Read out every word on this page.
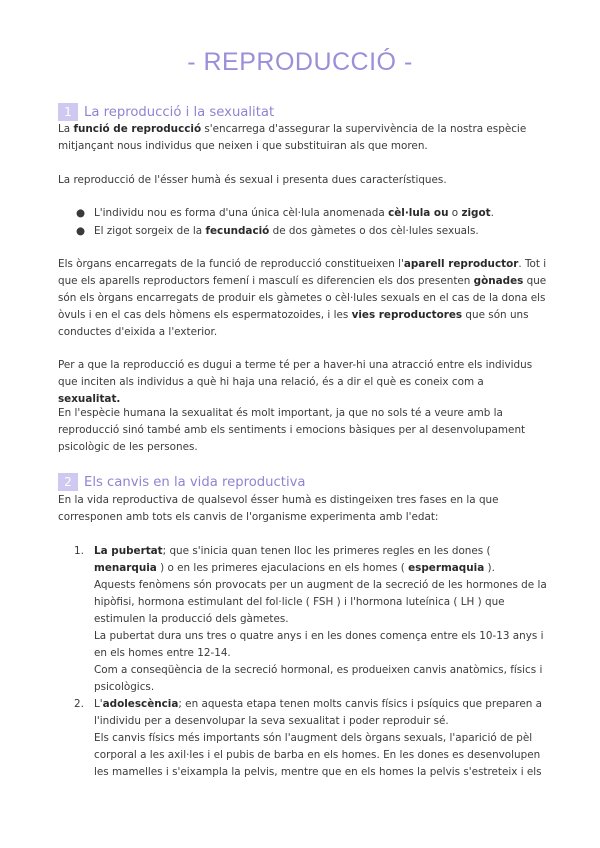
- REPRODUCCIÓ -
1 La reproducció i la sexualitat
La funció de reproducció s'encarrega d'assegurar la supervivència de la nostra espècie mitjançant nous individus que neixen i que substituiran als que moren.
La reproducció de l'ésser humà és sexual i presenta dues característiques.
● L'individu nou es forma d'una única cèl·lula anomenada cèl·lula ou o zigot.
● El zigot sorgeix de la fecundació de dos gàmetes o dos cèl·lules sexuals.
Els òrgans encarregats de la funció de reproducció constitueixen l'aparell reproductor. Tot i que els aparells reproductors femení i masculí es diferencien els dos presenten gònades que són els òrgans encarregats de produir els gàmetes o cèl·lules sexuals en el cas de la dona els òvuls i en el cas dels hòmens els espermatozoides, i les vies reproductores que són uns conductes d'eixida a l'exterior.
Per a que la reproducció es dugui a terme té per a haver-hi una atracció entre els individus que inciten als individus a què hi haja una relació, és a dir el què es coneix com a sexualitat.
En l'espècie humana la sexualitat és molt important, ja que no sols té a veure amb la reproducció sinó també amb els sentiments i emocions bàsiques per al desenvolupament psicològic de les persones.
2 Els canvis en la vida reproductiva
En la vida reproductiva de qualsevol ésser humà es distingeixen tres fases en la que corresponen amb tots els canvis de l'organisme experimenta amb l'edat:
1. La pubertat; que s'inicia quan tenen lloc les primeres regles en les dones ( menarquia ) o en les primeres ejaculacions en els homes ( espermaquia ).
Aquests fenòmens són provocats per un augment de la secreció de les hormones de la hipòfisi, hormona estimulant del fol·licle ( FSH ) i l'hormona luteínica ( LH ) que estimulen la producció dels gàmetes.
La pubertat dura uns tres o quatre anys i en les dones comença entre els 10-13 anys i en els homes entre 12-14.
Com a conseqüència de la secreció hormonal, es produeixen canvis anatòmics, físics i psicològics.
2. L'adolescència; en aquesta etapa tenen molts canvis físics i psíquics que preparen a l'individu per a desenvolupar la seva sexualitat i poder reproduir sé.
Els canvis físics més importants són l'augment dels òrgans sexuals, l'aparició de pèl corporal a les axil·les i el pubis de barba en els homes. En les dones es desenvolupen les mamelles i s'eixampla la pelvis, mentre que en els homes la pelvis s'estreteix i els
